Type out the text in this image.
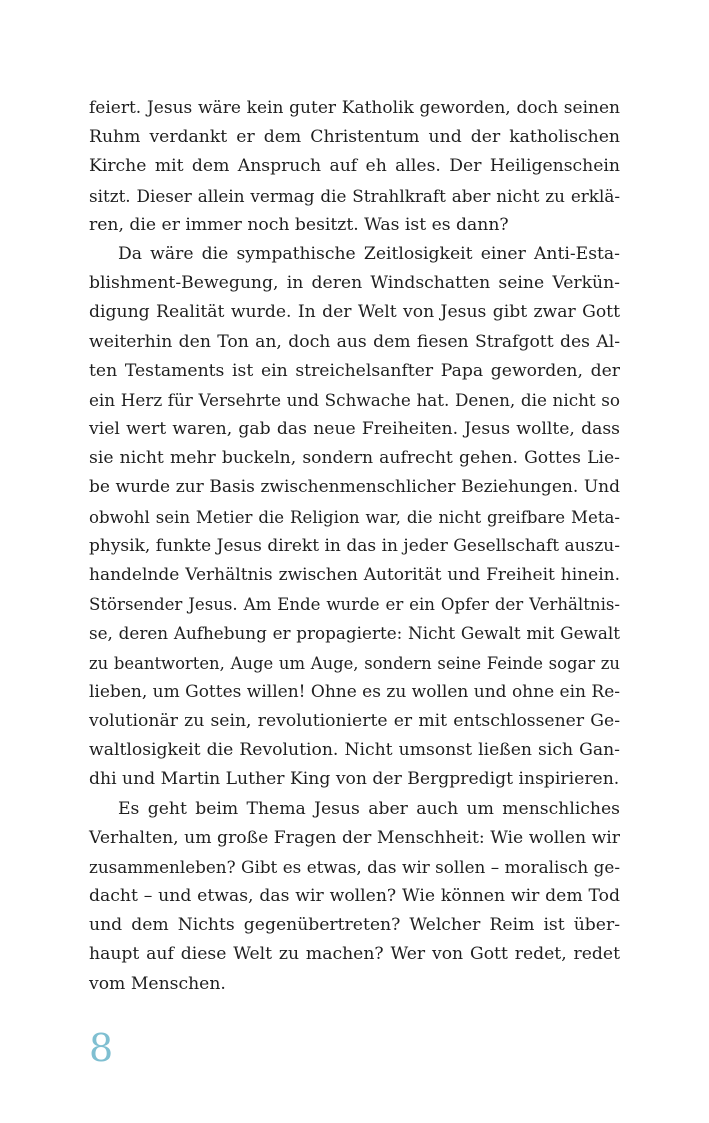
feiert. Jesus wäre kein guter Katholik geworden, doch seinen
Ruhm verdankt er dem Christentum und der katholischen
Kirche mit dem Anspruch auf eh alles. Der Heiligenschein
sitzt. Dieser allein vermag die Strahlkraft aber nicht zu erklä-
ren, die er immer noch besitzt. Was ist es dann?
Da wäre die sympathische Zeitlosigkeit einer Anti-Esta-
blishment-Bewegung, in deren Windschatten seine Verkün-
digung Realität wurde. In der Welt von Jesus gibt zwar Gott
weiterhin den Ton an, doch aus dem fiesen Strafgott des Al-
ten Testaments ist ein streichelsanfter Papa geworden, der
ein Herz für Versehrte und Schwache hat. Denen, die nicht so
viel wert waren, gab das neue Freiheiten. Jesus wollte, dass
sie nicht mehr buckeln, sondern aufrecht gehen. Gottes Lie-
be wurde zur Basis zwischenmenschlicher Beziehungen. Und
obwohl sein Metier die Religion war, die nicht greifbare Meta-
physik, funkte Jesus direkt in das in jeder Gesellschaft auszu-
handelnde Verhältnis zwischen Autorität und Freiheit hinein.
Störsender Jesus. Am Ende wurde er ein Opfer der Verhältnis-
se, deren Aufhebung er propagierte: Nicht Gewalt mit Gewalt
zu beantworten, Auge um Auge, sondern seine Feinde sogar zu
lieben, um Gottes willen! Ohne es zu wollen und ohne ein Re-
volutionär zu sein, revolutionierte er mit entschlossener Ge-
waltlosigkeit die Revolution. Nicht umsonst ließen sich Gan-
dhi und Martin Luther King von der Bergpredigt inspirieren.
Es geht beim Thema Jesus aber auch um menschliches
Verhalten, um große Fragen der Menschheit: Wie wollen wir
zusammenleben? Gibt es etwas, das wir sollen – moralisch ge-
dacht – und etwas, das wir wollen? Wie können wir dem Tod
und dem Nichts gegenübertreten? Welcher Reim ist über-
haupt auf diese Welt zu machen? Wer von Gott redet, redet
vom Menschen.
8
